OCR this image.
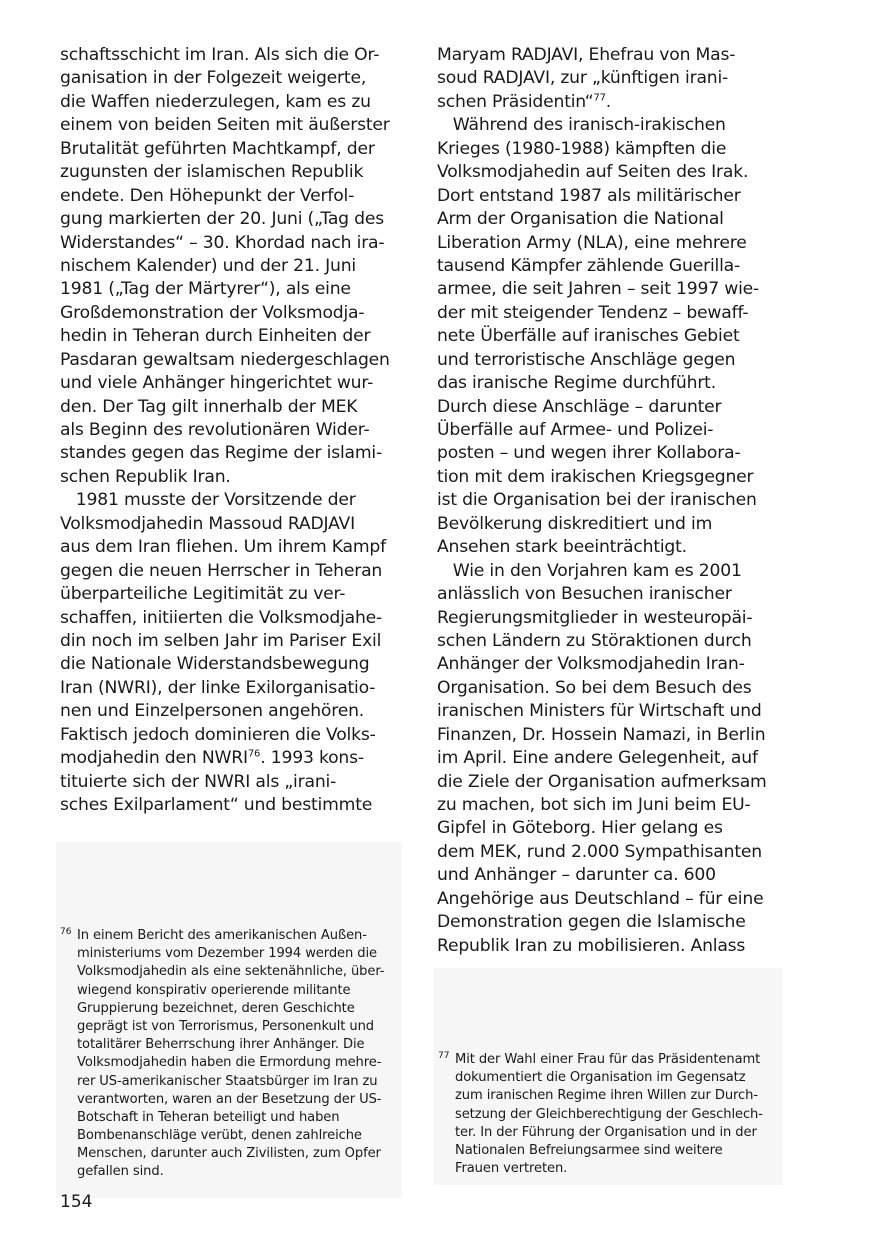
schaftsschicht im Iran. Als sich die Or-
ganisation in der Folgezeit weigerte,
die Waffen niederzulegen, kam es zu
einem von beiden Seiten mit äußerster
Brutalität geführten Machtkampf, der
zugunsten der islamischen Republik
endete. Den Höhepunkt der Verfol-
gung markierten der 20. Juni („Tag des
Widerstandes“ – 30. Khordad nach ira-
nischem Kalender) und der 21. Juni
1981 („Tag der Märtyrer“), als eine
Großdemonstration der Volksmodja-
hedin in Teheran durch Einheiten der
Pasdaran gewaltsam niedergeschlagen
und viele Anhänger hingerichtet wur-
den. Der Tag gilt innerhalb der MEK
als Beginn des revolutionären Wider-
standes gegen das Regime der islami-
schen Republik Iran.
1981 musste der Vorsitzende der
Volksmodjahedin Massoud RADJAVI
aus dem Iran fliehen. Um ihrem Kampf
gegen die neuen Herrscher in Teheran
überparteiliche Legitimität zu ver-
schaffen, initiierten die Volksmodjahe-
din noch im selben Jahr im Pariser Exil
die Nationale Widerstandsbewegung
Iran (NWRI), der linke Exilorganisatio-
nen und Einzelpersonen angehören.
Faktisch jedoch dominieren die Volks-
modjahedin den NWRI$^{76}$. 1993 kons-
tituierte sich der NWRI als „irani-
sches Exilparlament“ und bestimmte
Maryam RADJAVI, Ehefrau von Mas-
soud RADJAVI, zur „künftigen irani-
schen Präsidentin“$^{77}$.
Während des iranisch-irakischen
Krieges (1980-1988) kämpften die
Volksmodjahedin auf Seiten des Irak.
Dort entstand 1987 als militärischer
Arm der Organisation die National
Liberation Army (NLA), eine mehrere
tausend Kämpfer zählende Guerilla-
armee, die seit Jahren – seit 1997 wie-
der mit steigender Tendenz – bewaff-
nete Überfälle auf iranisches Gebiet
und terroristische Anschläge gegen
das iranische Regime durchführt.
Durch diese Anschläge – darunter
Überfälle auf Armee- und Polizei-
posten – und wegen ihrer Kollabora-
tion mit dem irakischen Kriegsgegner
ist die Organisation bei der iranischen
Bevölkerung diskreditiert und im
Ansehen stark beeinträchtigt.
Wie in den Vorjahren kam es 2001
anlässlich von Besuchen iranischer
Regierungsmitglieder in westeuropäi-
schen Ländern zu Störaktionen durch
Anhänger der Volksmodjahedin Iran-
Organisation. So bei dem Besuch des
iranischen Ministers für Wirtschaft und
Finanzen, Dr. Hossein Namazi, in Berlin
im April. Eine andere Gelegenheit, auf
die Ziele der Organisation aufmerksam
zu machen, bot sich im Juni beim EU-
Gipfel in Göteborg. Hier gelang es
dem MEK, rund 2.000 Sympathisanten
und Anhänger – darunter ca. 600
Angehörige aus Deutschland – für eine
Demonstration gegen die Islamische
Republik Iran zu mobilisieren. Anlass
76 In einem Bericht des amerikanischen Außen-
ministeriums vom Dezember 1994 werden die
Volksmodjahedin als eine sektenähnliche, über-
wiegend konspirativ operierende militante
Gruppierung bezeichnet, deren Geschichte
geprägt ist von Terrorismus, Personenkult und
totalitärer Beherrschung ihrer Anhänger. Die
Volksmodjahedin haben die Ermordung mehre-
rer US-amerikanischer Staatsbürger im Iran zu
verantworten, waren an der Besetzung der US-
Botschaft in Teheran beteiligt und haben
Bombenanschläge verübt, denen zahlreiche
Menschen, darunter auch Zivilisten, zum Opfer
gefallen sind.
77 Mit der Wahl einer Frau für das Präsidentenamt
dokumentiert die Organisation im Gegensatz
zum iranischen Regime ihren Willen zur Durch-
setzung der Gleichberechtigung der Geschlech-
ter. In der Führung der Organisation und in der
Nationalen Befreiungsarmee sind weitere
Frauen vertreten.
154
